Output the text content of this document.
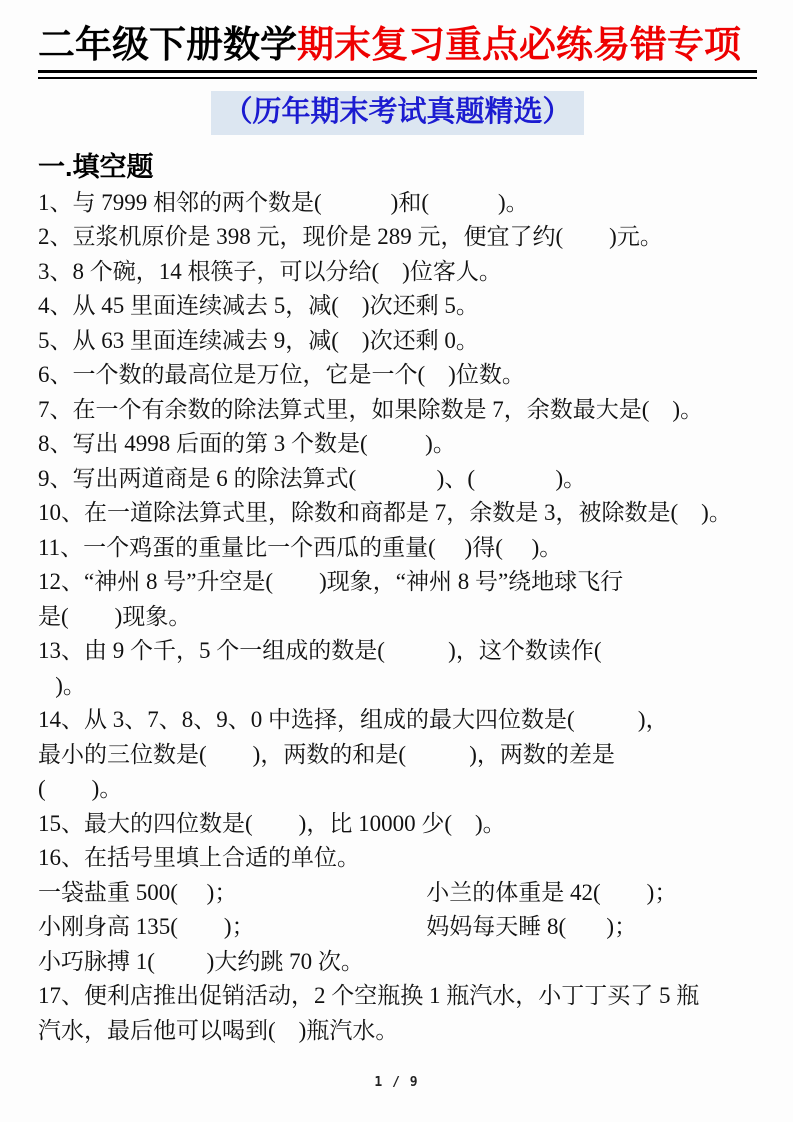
二年级下册数学期末复习重点必练易错专项
（历年期末考试真题精选）
一.填空题
1、与 7999 相邻的两个数是(            )和(            )。
2、豆浆机原价是 398 元，现价是 289 元，便宜了约(        )元。
3、8 个碗，14 根筷子，可以分给(    )位客人。
4、从 45 里面连续减去 5，减(    )次还剩 5。
5、从 63 里面连续减去 9，减(    )次还剩 0。
6、一个数的最高位是万位，它是一个(    )位数。
7、在一个有余数的除法算式里，如果除数是 7，余数最大是(    )。
8、写出 4998 后面的第 3 个数是(          )。
9、写出两道商是 6 的除法算式(              )、(              )。
10、在一道除法算式里，除数和商都是 7，余数是 3，被除数是(    )。
11、一个鸡蛋的重量比一个西瓜的重量(     )得(     )。
12、“神州 8 号”升空是(        )现象，“神州 8 号”绕地球飞行
是(        )现象。
13、由 9 个千，5 个一组成的数是(           )，这个数读作(
)。
14、从 3、7、8、9、0 中选择，组成的最大四位数是(           )，
最小的三位数是(        )，两数的和是(           )，两数的差是
(        )。
15、最大的四位数是(        )，比 10000 少(    )。
16、在括号里填上合适的单位。
一袋盐重 500(     )；	小兰的体重是 42(        )；
小刚身高 135(        )；	妈妈每天睡 8(       )；
小巧脉搏 1(         )大约跳 70 次。
17、便利店推出促销活动，2 个空瓶换 1 瓶汽水，小丁丁买了 5 瓶
汽水，最后他可以喝到(    )瓶汽水。
1 / 9
